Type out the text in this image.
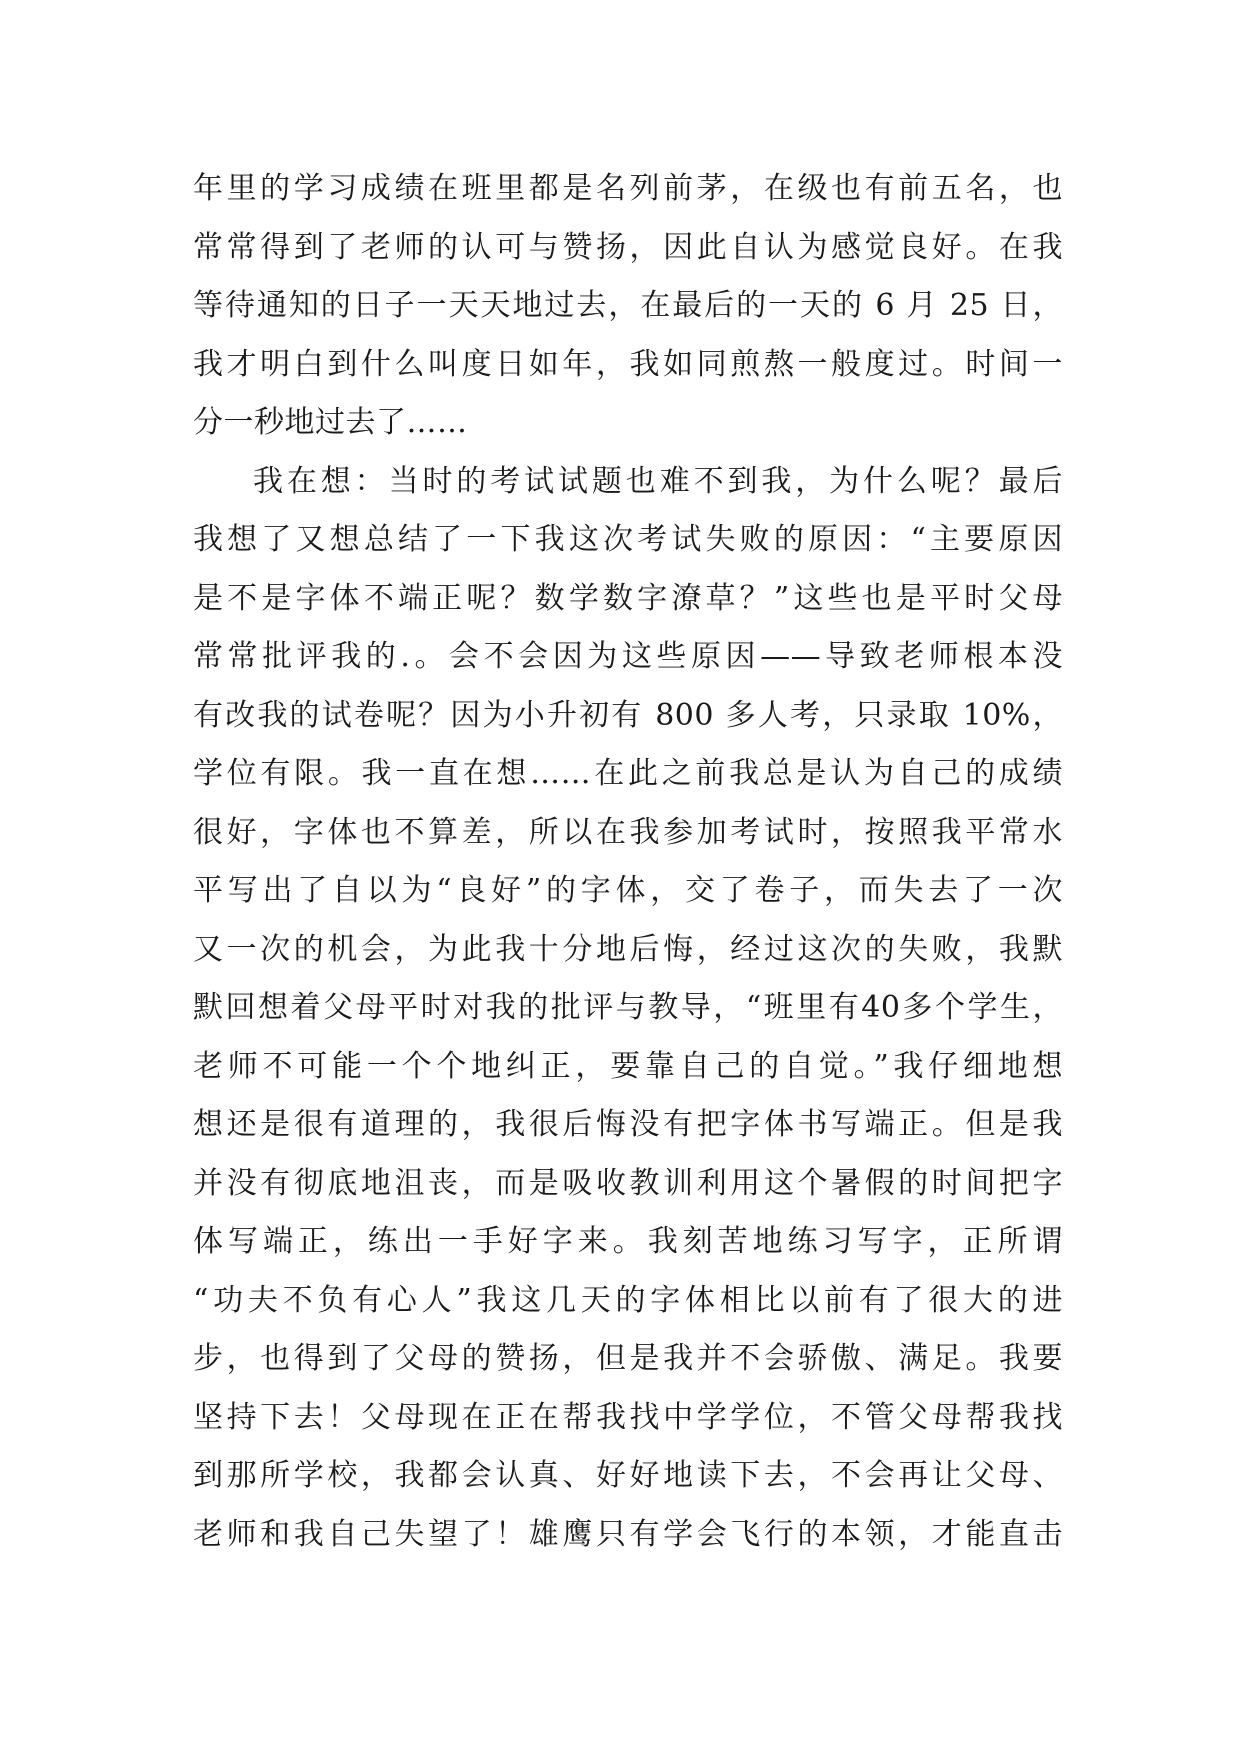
年里的学习成绩在班里都是名列前茅，在级也有前五名，也
常常得到了老师的认可与赞扬，因此自认为感觉良好。在我
等待通知的日子一天天地过去，在最后的一天的 6 月 25 日，
我才明白到什么叫度日如年，我如同煎熬一般度过。时间一
分一秒地过去了……
我在想：当时的考试试题也难不到我，为什么呢？最后
我想了又想总结了一下我这次考试失败的原因：“主要原因
是不是字体不端正呢？数学数字潦草？”这些也是平时父母
常常批评我的.。会不会因为这些原因——导致老师根本没
有改我的试卷呢？因为小升初有 800 多人考，只录取 10%，
学位有限。我一直在想……在此之前我总是认为自己的成绩
很好，字体也不算差，所以在我参加考试时，按照我平常水
平写出了自以为“良好”的字体，交了卷子，而失去了一次
又一次的机会，为此我十分地后悔，经过这次的失败，我默
默回想着父母平时对我的批评与教导，“班里有40多个学生，
老师不可能一个个地纠正，要靠自己的自觉。”我仔细地想
想还是很有道理的，我很后悔没有把字体书写端正。但是我
并没有彻底地沮丧，而是吸收教训利用这个暑假的时间把字
体写端正，练出一手好字来。我刻苦地练习写字，正所谓
“功夫不负有心人”我这几天的字体相比以前有了很大的进
步，也得到了父母的赞扬，但是我并不会骄傲、满足。我要
坚持下去！父母现在正在帮我找中学学位，不管父母帮我找
到那所学校，我都会认真、好好地读下去，不会再让父母、
老师和我自己失望了！雄鹰只有学会飞行的本领，才能直击
